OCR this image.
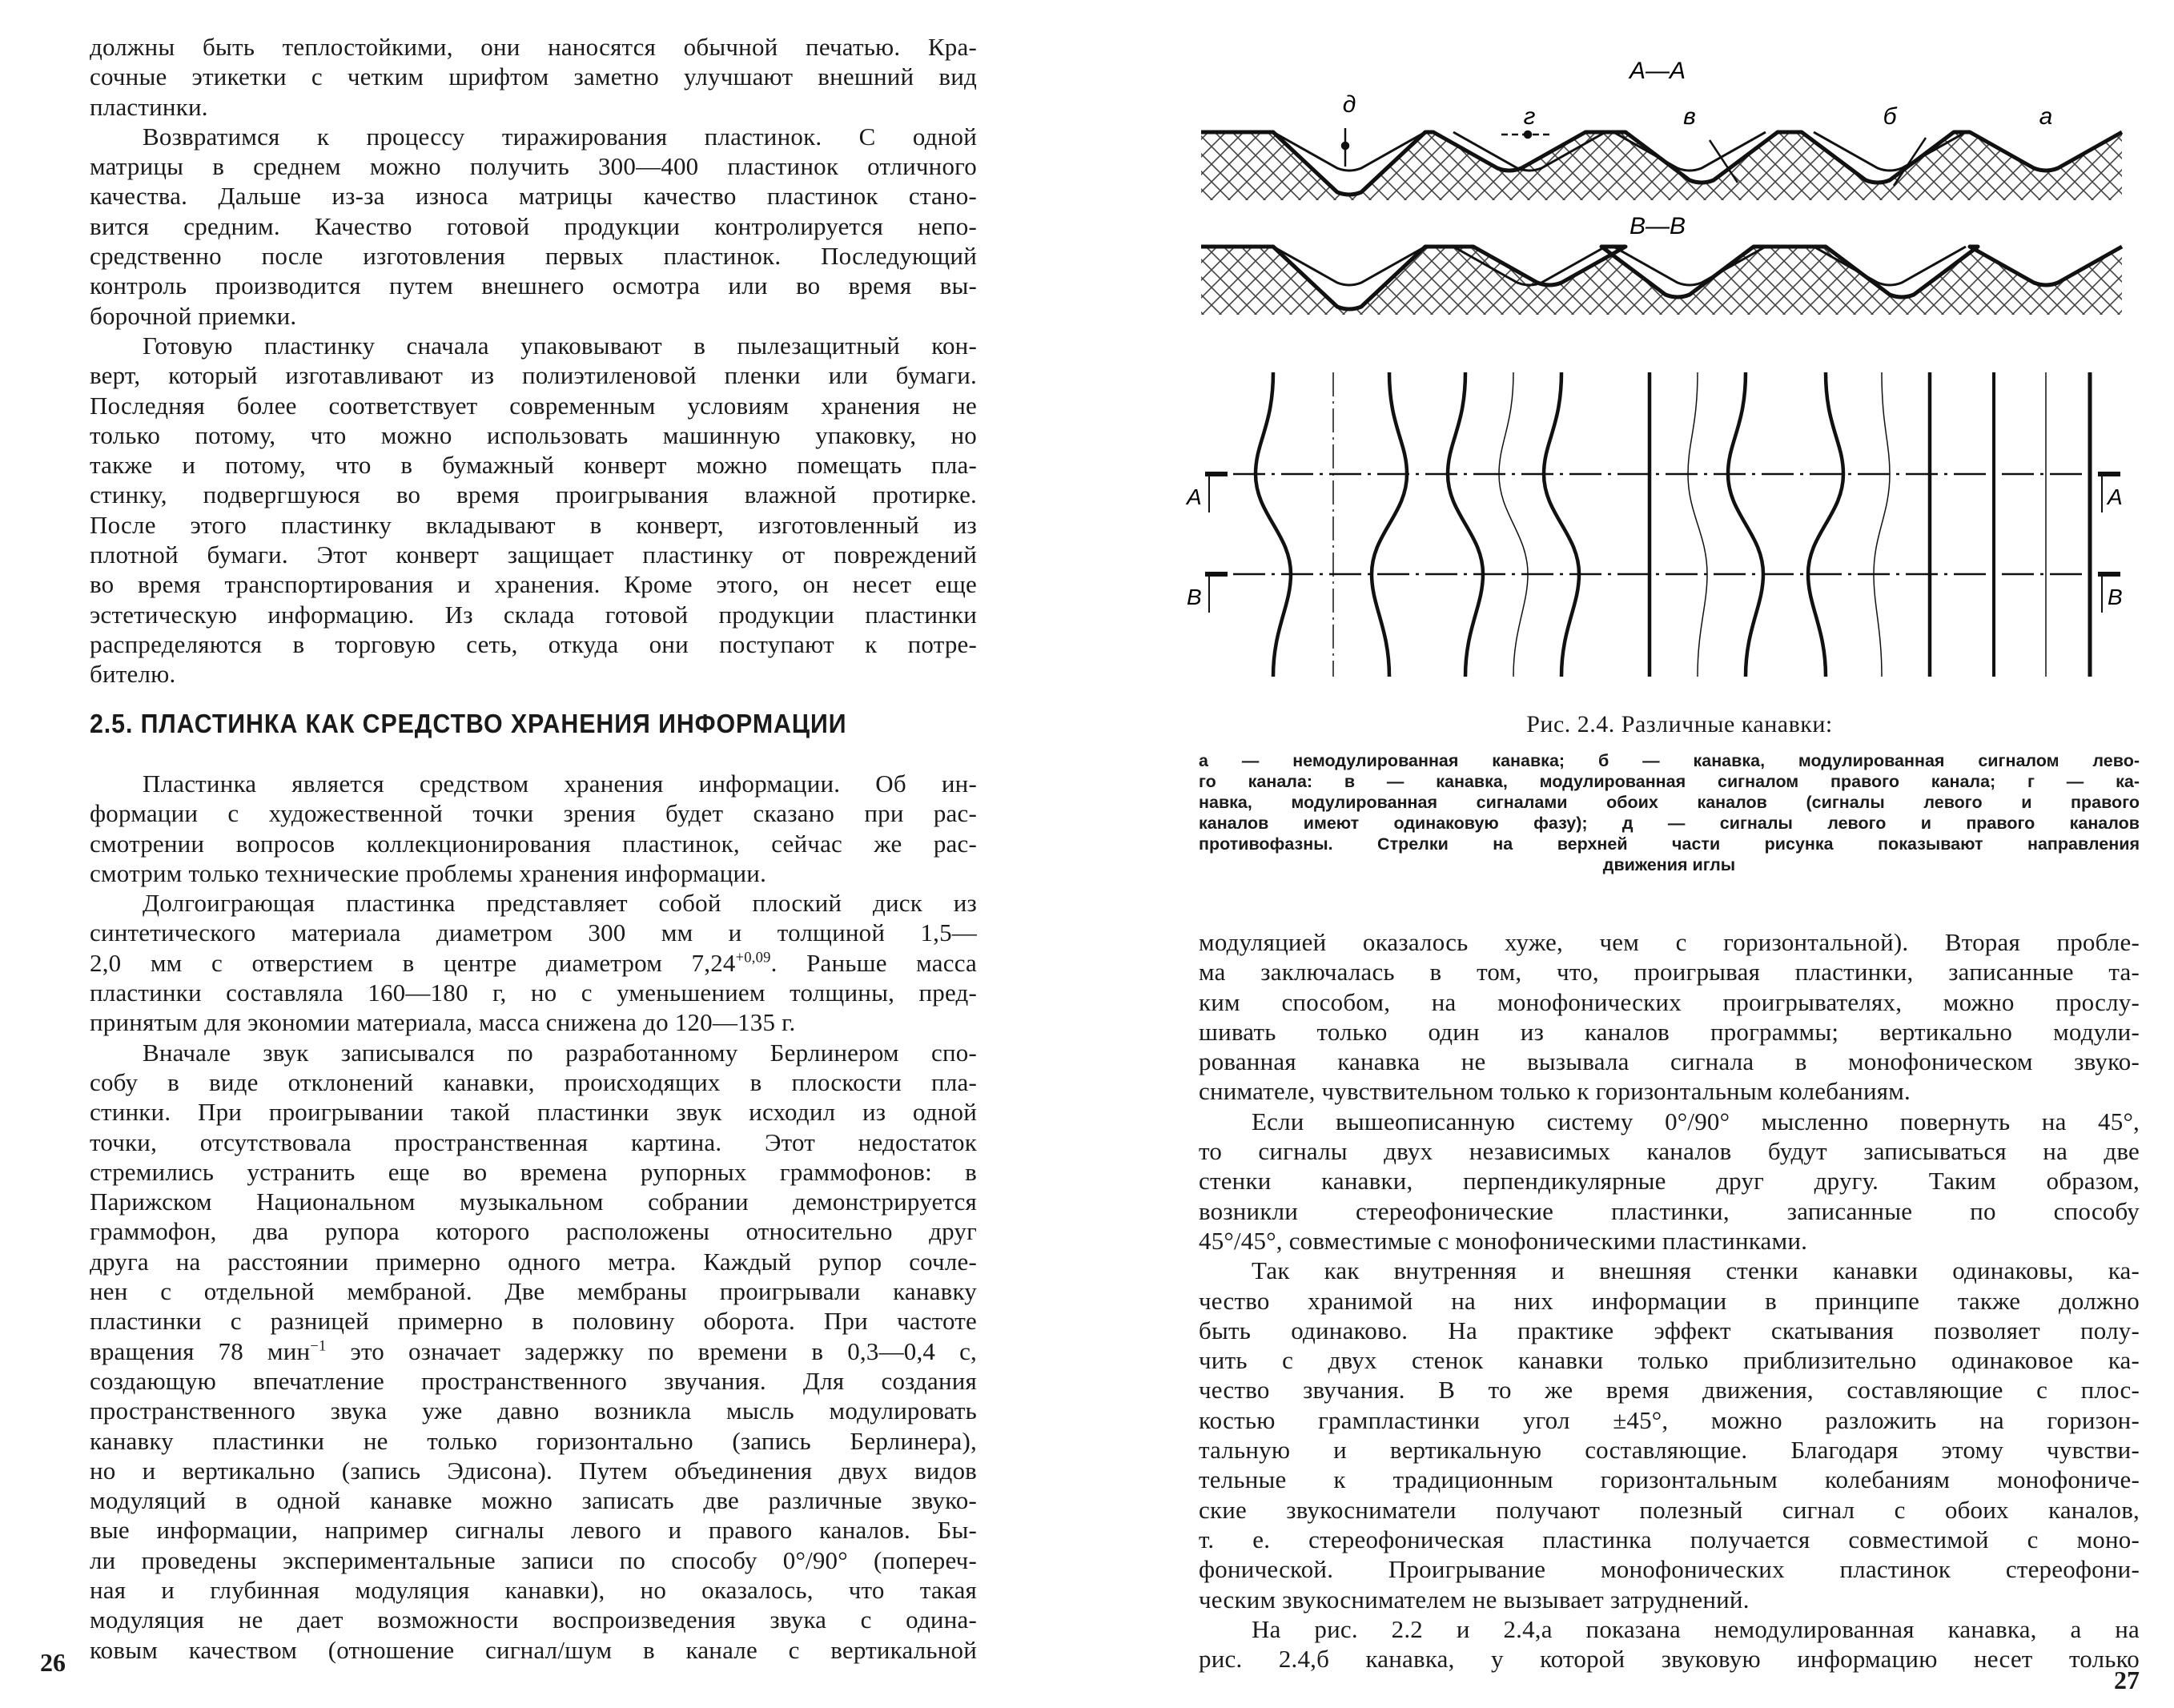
должны быть теплостойкими, они наносятся обычной печатью. Кра-
сочные этикетки с четким шрифтом заметно улучшают внешний вид
пластинки.
Возвратимся к процессу тиражирования пластинок. С одной
матрицы в среднем можно получить 300—400 пластинок отличного
качества. Дальше из-за износа матрицы качество пластинок стано-
вится средним. Качество готовой продукции контролируется непо-
средственно после изготовления первых пластинок. Последующий
контроль производится путем внешнего осмотра или во время вы-
борочной приемки.
Готовую пластинку сначала упаковывают в пылезащитный кон-
верт, который изготавливают из полиэтиленовой пленки или бумаги.
Последняя более соответствует современным условиям хранения не
только потому, что можно использовать машинную упаковку, но
также и потому, что в бумажный конверт можно помещать пла-
стинку, подвергшуюся во время проигрывания влажной протирке.
После этого пластинку вкладывают в конверт, изготовленный из
плотной бумаги. Этот конверт защищает пластинку от повреждений
во время транспортирования и хранения. Кроме этого, он несет еще
эстетическую информацию. Из склада готовой продукции пластинки
распределяются в торговую сеть, откуда они поступают к потре-
бителю.
2.5. ПЛАСТИНКА КАК СРЕДСТВО ХРАНЕНИЯ ИНФОРМАЦИИ
Пластинка является средством хранения информации. Об ин-
формации с художественной точки зрения будет сказано при рас-
смотрении вопросов коллекционирования пластинок, сейчас же рас-
смотрим только технические проблемы хранения информации.
Долгоиграющая пластинка представляет собой плоский диск из
синтетического материала диаметром 300 мм и толщиной 1,5—
2,0 мм с отверстием в центре диаметром $7,24^{+0,09}$. Раньше масса
пластинки составляла 160—180 г, но с уменьшением толщины, пред-
принятым для экономии материала, масса снижена до 120—135 г.
Вначале звук записывался по разработанному Берлинером спо-
собу в виде отклонений канавки, происходящих в плоскости пла-
стинки. При проигрывании такой пластинки звук исходил из одной
точки, отсутствовала пространственная картина. Этот недостаток
стремились устранить еще во времена рупорных граммофонов: в
Парижском Национальном музыкальном собрании демонстрируется
граммофон, два рупора которого расположены относительно друг
друга на расстоянии примерно одного метра. Каждый рупор сочле-
нен с отдельной мембраной. Две мембраны проигрывали канавку
пластинки с разницей примерно в половину оборота. При частоте
вращения 78 мин$^{-1}$ это означает задержку по времени в 0,3—0,4 с,
создающую впечатление пространственного звучания. Для создания
пространственного звука уже давно возникла мысль модулировать
канавку пластинки не только горизонтально (запись Берлинера),
но и вертикально (запись Эдисона). Путем объединения двух видов
модуляций в одной канавке можно записать две различные звуко-
вые информации, например сигналы левого и правого каналов. Бы-
ли проведены экспериментальные записи по способу 0°/90° (попереч-
ная и глубинная модуляция канавки), но оказалось, что такая
модуляция не дает возможности воспроизведения звука с одина-
ковым качеством (отношение сигнал/шум в канале с вертикальной
26
А—А
В—В
д	г	в	б	а
А	А
В	В
Рис. 2.4. Различные канавки:
а — немодулированная канавка; б — канавка, модулированная сигналом лево-
го канала: в — канавка, модулированная сигналом правого канала; г — ка-
навка, модулированная сигналами обоих каналов (сигналы левого и правого
каналов имеют одинаковую фазу); д — сигналы левого и правого каналов
противофазны. Стрелки на верхней части рисунка показывают направления
движения иглы
модуляцией оказалось хуже, чем с горизонтальной). Вторая пробле-
ма заключалась в том, что, проигрывая пластинки, записанные та-
ким способом, на монофонических проигрывателях, можно прослу-
шивать только один из каналов программы; вертикально модули-
рованная канавка не вызывала сигнала в монофоническом звуко-
снимателе, чувствительном только к горизонтальным колебаниям.
Если вышеописанную систему 0°/90° мысленно повернуть на 45°,
то сигналы двух независимых каналов будут записываться на две
стенки канавки, перпендикулярные друг другу. Таким образом,
возникли стереофонические пластинки, записанные по способу
45°/45°, совместимые с монофоническими пластинками.
Так как внутренняя и внешняя стенки канавки одинаковы, ка-
чество хранимой на них информации в принципе также должно
быть одинаково. На практике эффект скатывания позволяет полу-
чить с двух стенок канавки только приблизительно одинаковое ка-
чество звучания. В то же время движения, составляющие с плос-
костью грампластинки угол ±45°, можно разложить на горизон-
тальную и вертикальную составляющие. Благодаря этому чувстви-
тельные к традиционным горизонтальным колебаниям монофониче-
ские звукосниматели получают полезный сигнал с обоих каналов,
т. е. стереофоническая пластинка получается совместимой с моно-
фонической. Проигрывание монофонических пластинок стереофони-
ческим звукоснимателем не вызывает затруднений.
На рис. 2.2 и 2.4,а показана немодулированная канавка, а на
рис. 2.4,б канавка, у которой звуковую информацию несет только
27
